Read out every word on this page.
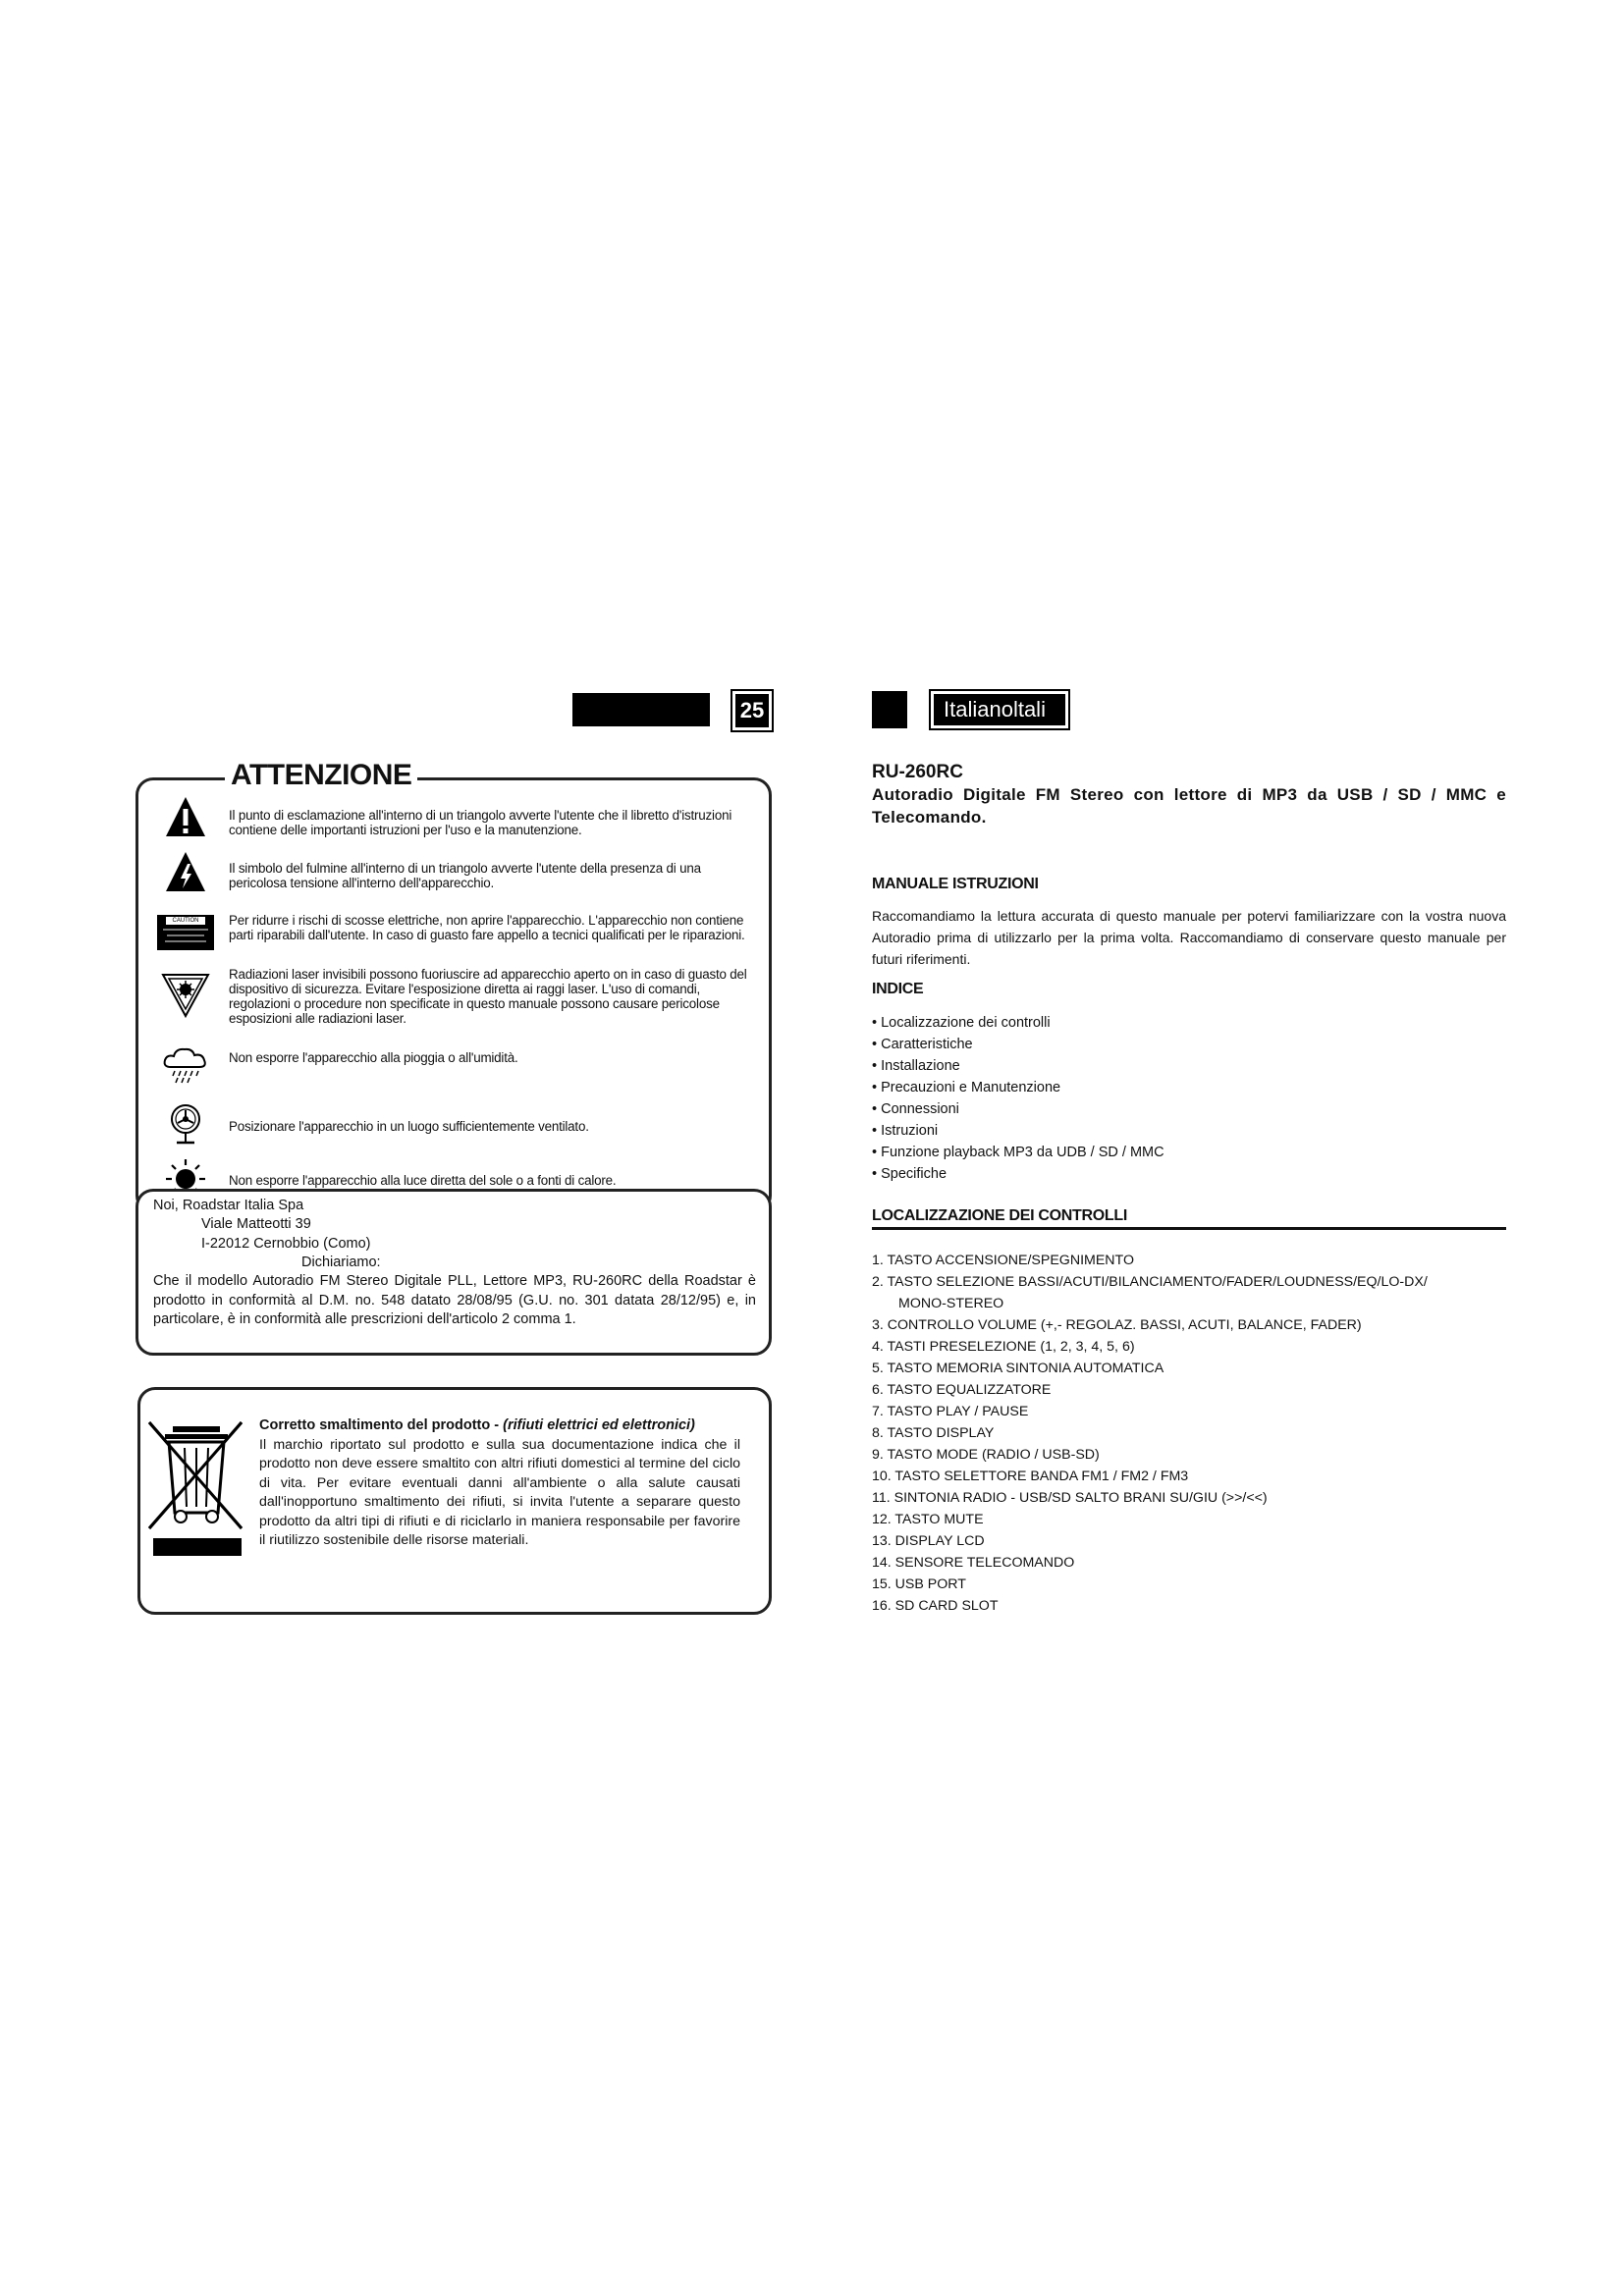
25	Italianoltali
ATTENZIONE
Il punto di esclamazione all'interno di un triangolo avverte l'utente che il libretto d'istruzioni contiene delle importanti istruzioni per l'uso e la manutenzione.
Il simbolo del fulmine all'interno di un triangolo avverte l'utente della presenza di una pericolosa tensione all'interno dell'apparecchio.
CAUTION	Per ridurre i rischi di scosse elettriche, non aprire l'apparecchio. L'apparecchio non contiene parti riparabili dall'utente. In caso di guasto fare appello a tecnici qualificati per le riparazioni.
Radiazioni laser invisibili possono fuoriuscire ad apparecchio aperto on in caso di guasto del dispositivo di sicurezza. Evitare l'esposizione diretta ai raggi laser. L'uso di comandi, regolazioni o procedure non specificate in questo manuale possono causare pericolose esposizioni alle radiazioni laser.
Non esporre l'apparecchio alla pioggia o all'umidità.
Posizionare l'apparecchio in un luogo sufficientemente ventilato.
Non esporre l'apparecchio alla luce diretta del sole o a fonti di calore.
Noi, Roadstar Italia Spa
Viale Matteotti 39
I-22012 Cernobbio (Como)
Dichiariamo:
Che il modello Autoradio FM Stereo Digitale PLL, Lettore MP3, RU-260RC della Roadstar è prodotto in conformità al D.M. no. 548 datato 28/08/95 (G.U. no. 301 datata 28/12/95) e, in particolare, è in conformità alle prescrizioni dell'articolo 2 comma 1.
Corretto smaltimento del prodotto - (rifiuti elettrici ed elettronici)
Il marchio riportato sul prodotto e sulla sua documentazione indica che il prodotto non deve essere smaltito con altri rifiuti domestici al termine del ciclo di vita. Per evitare eventuali danni all'ambiente o alla salute causati dall'inopportuno smaltimento dei rifiuti, si invita l'utente a separare questo prodotto da altri tipi di rifiuti e di riciclarlo in maniera responsabile per favorire il riutilizzo sostenibile delle risorse materiali.
RU-260RC
Autoradio Digitale FM Stereo con lettore di MP3 da USB / SD / MMC e Telecomando.
MANUALE ISTRUZIONI
Raccomandiamo la lettura accurata di questo manuale per potervi familiarizzare con la vostra nuova Autoradio prima di utilizzarlo per la prima volta. Raccomandiamo di conservare questo manuale per futuri riferimenti.
INDICE
• Localizzazione dei controlli
• Caratteristiche
• Installazione
• Precauzioni e Manutenzione
• Connessioni
• Istruzioni
• Funzione playback MP3 da UDB / SD / MMC
• Specifiche
LOCALIZZAZIONE DEI CONTROLLI
1. TASTO ACCENSIONE/SPEGNIMENTO
2. TASTO SELEZIONE BASSI/ACUTI/BILANCIAMENTO/FADER/LOUDNESS/EQ/LO-DX/
MONO-STEREO
3. CONTROLLO VOLUME (+,- REGOLAZ. BASSI, ACUTI, BALANCE, FADER)
4. TASTI PRESELEZIONE (1, 2, 3, 4, 5, 6)
5. TASTO MEMORIA SINTONIA AUTOMATICA
6. TASTO EQUALIZZATORE
7. TASTO PLAY / PAUSE
8. TASTO DISPLAY
9. TASTO MODE (RADIO / USB-SD)
10. TASTO SELETTORE BANDA FM1 / FM2 / FM3
11. SINTONIA RADIO - USB/SD SALTO BRANI SU/GIU (>>/<<)
12. TASTO MUTE
13. DISPLAY LCD
14. SENSORE TELECOMANDO
15. USB PORT
16. SD CARD SLOT
